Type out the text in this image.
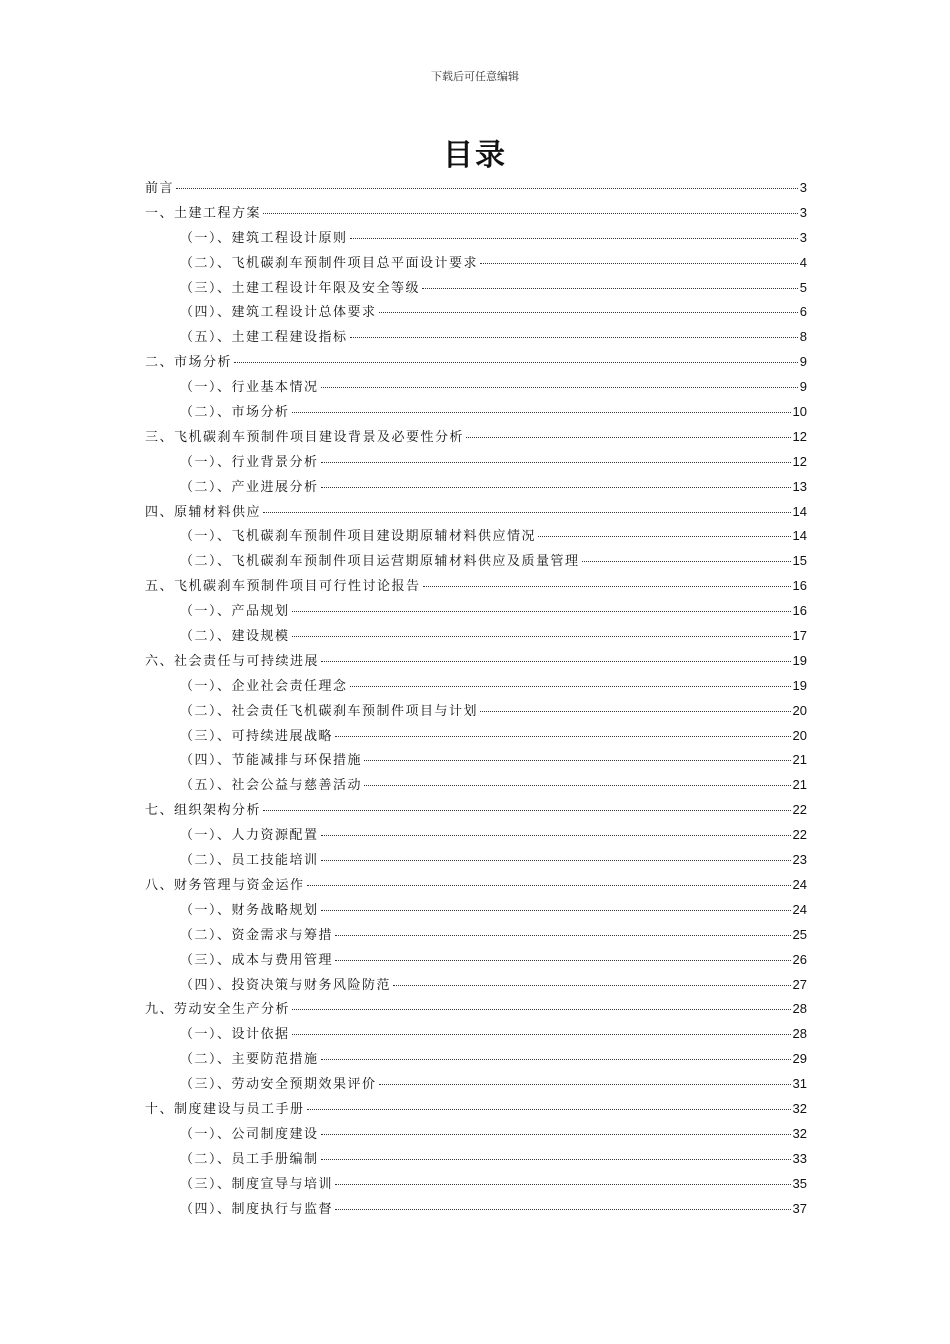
下载后可任意编辑
目录
前言	3
一、土建工程方案	3
（一）、建筑工程设计原则	3
（二）、飞机碳刹车预制件项目总平面设计要求	4
（三）、土建工程设计年限及安全等级	5
（四）、建筑工程设计总体要求	6
（五）、土建工程建设指标	8
二、市场分析	9
（一）、行业基本情况	9
（二）、市场分析	10
三、飞机碳刹车预制件项目建设背景及必要性分析	12
（一）、行业背景分析	12
（二）、产业进展分析	13
四、原辅材料供应	14
（一）、飞机碳刹车预制件项目建设期原辅材料供应情况	14
（二）、飞机碳刹车预制件项目运营期原辅材料供应及质量管理	15
五、飞机碳刹车预制件项目可行性讨论报告	16
（一）、产品规划	16
（二）、建设规模	17
六、社会责任与可持续进展	19
（一）、企业社会责任理念	19
（二）、社会责任飞机碳刹车预制件项目与计划	20
（三）、可持续进展战略	20
（四）、节能减排与环保措施	21
（五）、社会公益与慈善活动	21
七、组织架构分析	22
（一）、人力资源配置	22
（二）、员工技能培训	23
八、财务管理与资金运作	24
（一）、财务战略规划	24
（二）、资金需求与筹措	25
（三）、成本与费用管理	26
（四）、投资决策与财务风险防范	27
九、劳动安全生产分析	28
（一）、设计依据	28
（二）、主要防范措施	29
（三）、劳动安全预期效果评价	31
十、制度建设与员工手册	32
（一）、公司制度建设	32
（二）、员工手册编制	33
（三）、制度宣导与培训	35
（四）、制度执行与监督	37
